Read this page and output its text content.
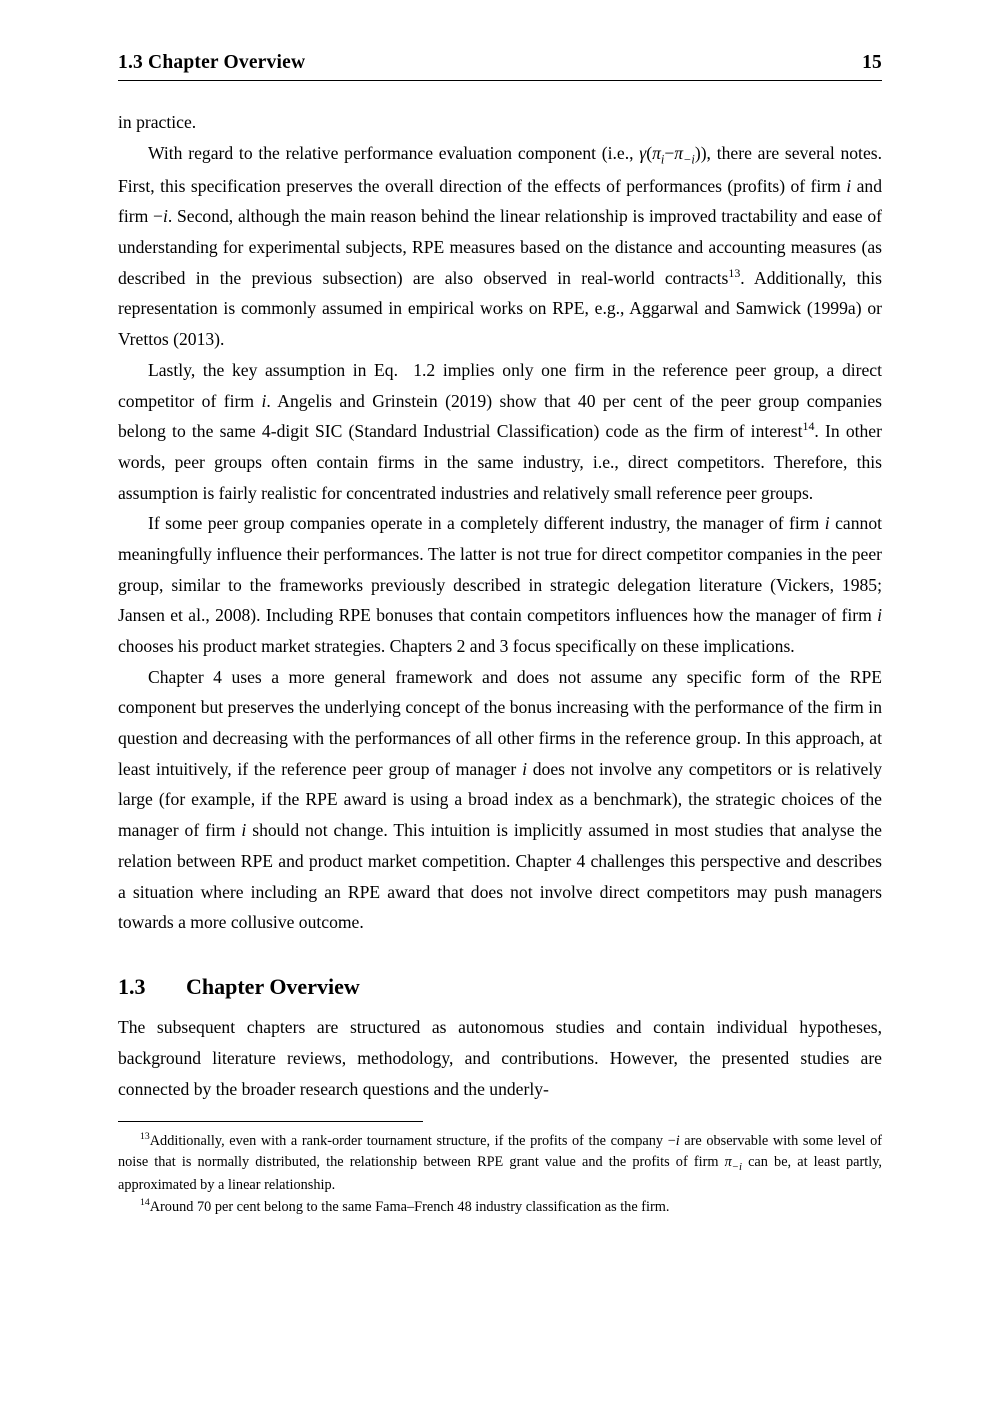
1.3 Chapter Overview	15

in practice.

With regard to the relative performance evaluation component (i.e., $\gamma(\pi_i-\pi_{-i})$), there are several notes. First, this specification preserves the overall direction of the effects of performances (profits) of firm i and firm −i. Second, although the main reason behind the linear relationship is improved tractability and ease of understanding for experimental subjects, RPE measures based on the distance and accounting measures (as described in the previous subsection) are also observed in real-world contracts$^{13}$. Additionally, this representation is commonly assumed in empirical works on RPE, e.g., Aggarwal and Samwick (1999a) or Vrettos (2013).

Lastly, the key assumption in Eq.  1.2 implies only one firm in the reference peer group, a direct competitor of firm i. Angelis and Grinstein (2019) show that 40 per cent of the peer group companies belong to the same 4-digit SIC (Standard Industrial Classification) code as the firm of interest$^{14}$. In other words, peer groups often contain firms in the same industry, i.e., direct competitors. Therefore, this assumption is fairly realistic for concentrated industries and relatively small reference peer groups.

If some peer group companies operate in a completely different industry, the manager of firm i cannot meaningfully influence their performances. The latter is not true for direct competitor companies in the peer group, similar to the frameworks previously described in strategic delegation literature (Vickers, 1985; Jansen et al., 2008). Including RPE bonuses that contain competitors influences how the manager of firm i chooses his product market strategies. Chapters 2 and 3 focus specifically on these implications.

Chapter 4 uses a more general framework and does not assume any specific form of the RPE component but preserves the underlying concept of the bonus increasing with the performance of the firm in question and decreasing with the performances of all other firms in the reference group. In this approach, at least intuitively, if the reference peer group of manager i does not involve any competitors or is relatively large (for example, if the RPE award is using a broad index as a benchmark), the strategic choices of the manager of firm i should not change. This intuition is implicitly assumed in most studies that analyse the relation between RPE and product market competition. Chapter 4 challenges this perspective and describes a situation where including an RPE award that does not involve direct competitors may push managers towards a more collusive outcome.

1.3	Chapter Overview

The subsequent chapters are structured as autonomous studies and contain individual hypotheses, background literature reviews, methodology, and contributions. However, the presented studies are connected by the broader research questions and the underly-

$^{13}$Additionally, even with a rank-order tournament structure, if the profits of the company −i are observable with some level of noise that is normally distributed, the relationship between RPE grant value and the profits of firm $\pi_{-i}$ can be, at least partly, approximated by a linear relationship.

$^{14}$Around 70 per cent belong to the same Fama–French 48 industry classification as the firm.
